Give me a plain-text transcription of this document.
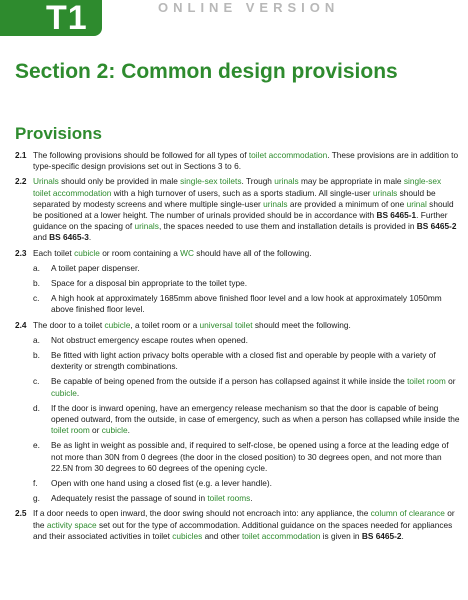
T1	ONLINE VERSION
Section 2: Common design provisions
Provisions
2.1 The following provisions should be followed for all types of toilet accommodation. These provisions are in addition to type-specific design provisions set out in Sections 3 to 6.
2.2 Urinals should only be provided in male single-sex toilets. Trough urinals may be appropriate in male single-sex toilet accommodation with a high turnover of users, such as a sports stadium. All single-user urinals should be separated by modesty screens and where multiple single-user urinals are provided a minimum of one urinal should be positioned at a lower height. The number of urinals provided should be in accordance with BS 6465-1. Further guidance on the spacing of urinals, the spaces needed to use them and installation details is provided in BS 6465-2 and BS 6465-3.
2.3 Each toilet cubicle or room containing a WC should have all of the following.
a. A toilet paper dispenser.
b. Space for a disposal bin appropriate to the toilet type.
c. A high hook at approximately 1685mm above finished floor level and a low hook at approximately 1050mm above finished floor level.
2.4 The door to a toilet cubicle, a toilet room or a universal toilet should meet the following.
a. Not obstruct emergency escape routes when opened.
b. Be fitted with light action privacy bolts operable with a closed fist and operable by people with a variety of dexterity or strength combinations.
c. Be capable of being opened from the outside if a person has collapsed against it while inside the toilet room or cubicle.
d. If the door is inward opening, have an emergency release mechanism so that the door is capable of being opened outward, from the outside, in case of emergency, such as when a person has collapsed while inside the toilet room or cubicle.
e. Be as light in weight as possible and, if required to self-close, be opened using a force at the leading edge of not more than 30N from 0 degrees (the door in the closed position) to 30 degrees open, and not more than 22.5N from 30 degrees to 60 degrees of the opening cycle.
f. Open with one hand using a closed fist (e.g. a lever handle).
g. Adequately resist the passage of sound in toilet rooms.
2.5 If a door needs to open inward, the door swing should not encroach into: any appliance, the column of clearance or the activity space set out for the type of accommodation. Additional guidance on the spaces needed for appliances and their associated activities in toilet cubicles and other toilet accommodation is given in BS 6465-2.
